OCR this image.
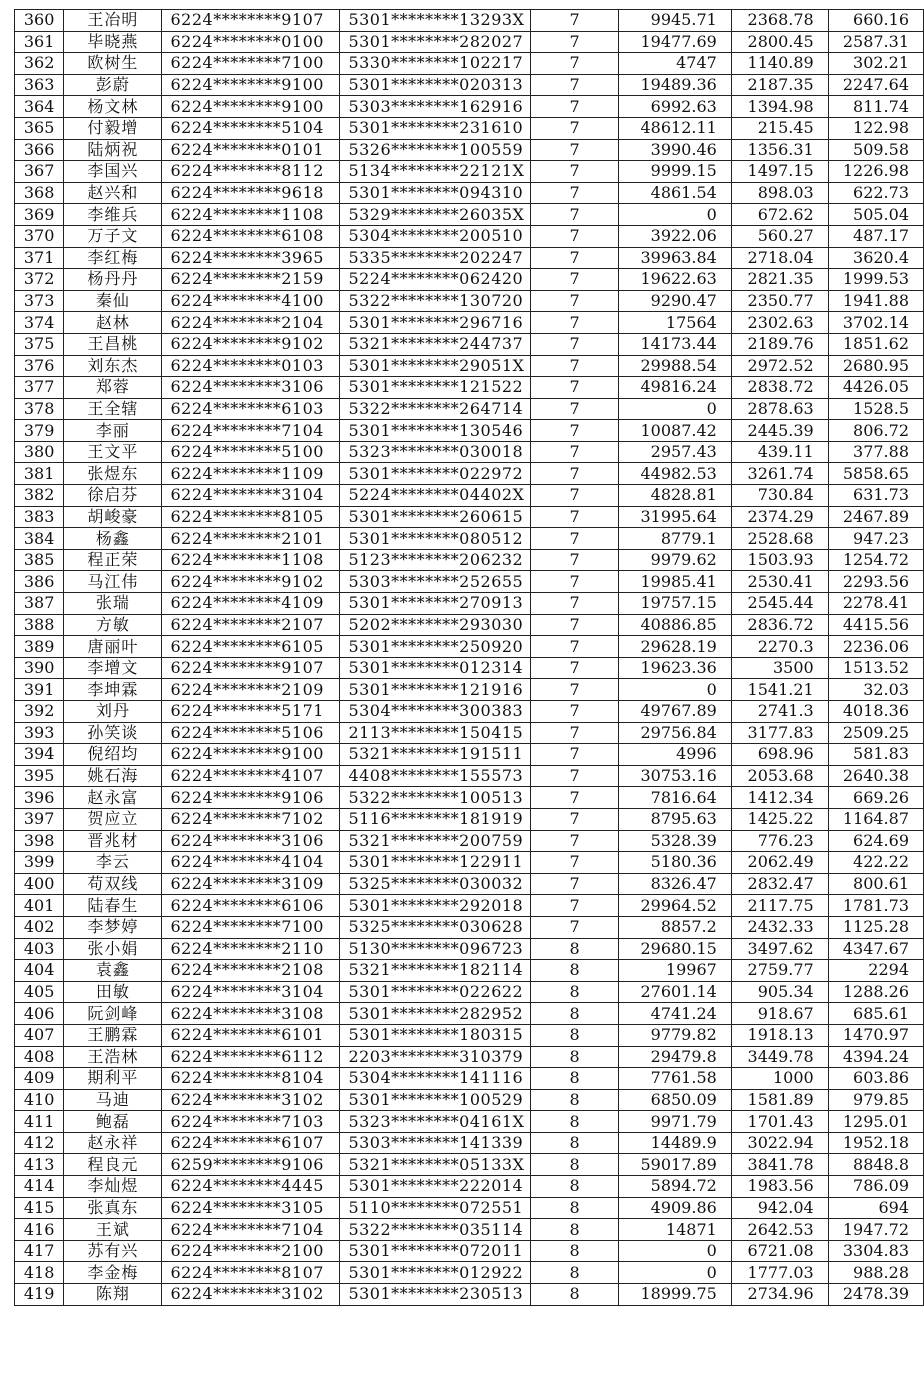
360	王冶明	6224********9107	5301********13293X	7	9945.71	2368.78	660.16
361	毕晓燕	6224********0100	5301********282027	7	19477.69	2800.45	2587.31
362	欧树生	6224********7100	5330********102217	7	4747	1140.89	302.21
363	彭蔚	6224********9100	5301********020313	7	19489.36	2187.35	2247.64
364	杨文林	6224********9100	5303********162916	7	6992.63	1394.98	811.74
365	付毅增	6224********5104	5301********231610	7	48612.11	215.45	122.98
366	陆炳祝	6224********0101	5326********100559	7	3990.46	1356.31	509.58
367	李国兴	6224********8112	5134********22121X	7	9999.15	1497.15	1226.98
368	赵兴和	6224********9618	5301********094310	7	4861.54	898.03	622.73
369	李维兵	6224********1108	5329********26035X	7	0	672.62	505.04
370	万子文	6224********6108	5304********200510	7	3922.06	560.27	487.17
371	李红梅	6224********3965	5335********202247	7	39963.84	2718.04	3620.4
372	杨丹丹	6224********2159	5224********062420	7	19622.63	2821.35	1999.53
373	秦仙	6224********4100	5322********130720	7	9290.47	2350.77	1941.88
374	赵林	6224********2104	5301********296716	7	17564	2302.63	3702.14
375	王昌桃	6224********9102	5321********244737	7	14173.44	2189.76	1851.62
376	刘东杰	6224********0103	5301********29051X	7	29988.54	2972.52	2680.95
377	郑蓉	6224********3106	5301********121522	7	49816.24	2838.72	4426.05
378	王全辖	6224********6103	5322********264714	7	0	2878.63	1528.5
379	李丽	6224********7104	5301********130546	7	10087.42	2445.39	806.72
380	王文平	6224********5100	5323********030018	7	2957.43	439.11	377.88
381	张煜东	6224********1109	5301********022972	7	44982.53	3261.74	5858.65
382	徐启芬	6224********3104	5224********04402X	7	4828.81	730.84	631.73
383	胡峻豪	6224********8105	5301********260615	7	31995.64	2374.29	2467.89
384	杨鑫	6224********2101	5301********080512	7	8779.1	2528.68	947.23
385	程正荣	6224********1108	5123********206232	7	9979.62	1503.93	1254.72
386	马江伟	6224********9102	5303********252655	7	19985.41	2530.41	2293.56
387	张瑞	6224********4109	5301********270913	7	19757.15	2545.44	2278.41
388	方敏	6224********2107	5202********293030	7	40886.85	2836.72	4415.56
389	唐丽叶	6224********6105	5301********250920	7	29628.19	2270.3	2236.06
390	李增文	6224********9107	5301********012314	7	19623.36	3500	1513.52
391	李坤霖	6224********2109	5301********121916	7	0	1541.21	32.03
392	刘丹	6224********5171	5304********300383	7	49767.89	2741.3	4018.36
393	孙笑谈	6224********5106	2113********150415	7	29756.84	3177.83	2509.25
394	倪绍均	6224********9100	5321********191511	7	4996	698.96	581.83
395	姚石海	6224********4107	4408********155573	7	30753.16	2053.68	2640.38
396	赵永富	6224********9106	5322********100513	7	7816.64	1412.34	669.26
397	贺应立	6224********7102	5116********181919	7	8795.63	1425.22	1164.87
398	晋兆材	6224********3106	5321********200759	7	5328.39	776.23	624.69
399	李云	6224********4104	5301********122911	7	5180.36	2062.49	422.22
400	苟双线	6224********3109	5325********030032	7	8326.47	2832.47	800.61
401	陆春生	6224********6106	5301********292018	7	29964.52	2117.75	1781.73
402	李梦婷	6224********7100	5325********030628	7	8857.2	2432.33	1125.28
403	张小娟	6224********2110	5130********096723	8	29680.15	3497.62	4347.67
404	袁鑫	6224********2108	5321********182114	8	19967	2759.77	2294
405	田敏	6224********3104	5301********022622	8	27601.14	905.34	1288.26
406	阮剑峰	6224********3108	5301********282952	8	4741.24	918.67	685.61
407	王鹏霖	6224********6101	5301********180315	8	9779.82	1918.13	1470.97
408	王浩林	6224********6112	2203********310379	8	29479.8	3449.78	4394.24
409	期利平	6224********8104	5304********141116	8	7761.58	1000	603.86
410	马迪	6224********3102	5301********100529	8	6850.09	1581.89	979.85
411	鲍磊	6224********7103	5323********04161X	8	9971.79	1701.43	1295.01
412	赵永祥	6224********6107	5303********141339	8	14489.9	3022.94	1952.18
413	程良元	6259********9106	5321********05133X	8	59017.89	3841.78	8848.8
414	李灿煜	6224********4445	5301********222014	8	5894.72	1983.56	786.09
415	张真东	6224********3105	5110********072551	8	4909.86	942.04	694
416	王斌	6224********7104	5322********035114	8	14871	2642.53	1947.72
417	苏有兴	6224********2100	5301********072011	8	0	6721.08	3304.83
418	李金梅	6224********8107	5301********012922	8	0	1777.03	988.28
419	陈翔	6224********3102	5301********230513	8	18999.75	2734.96	2478.39
